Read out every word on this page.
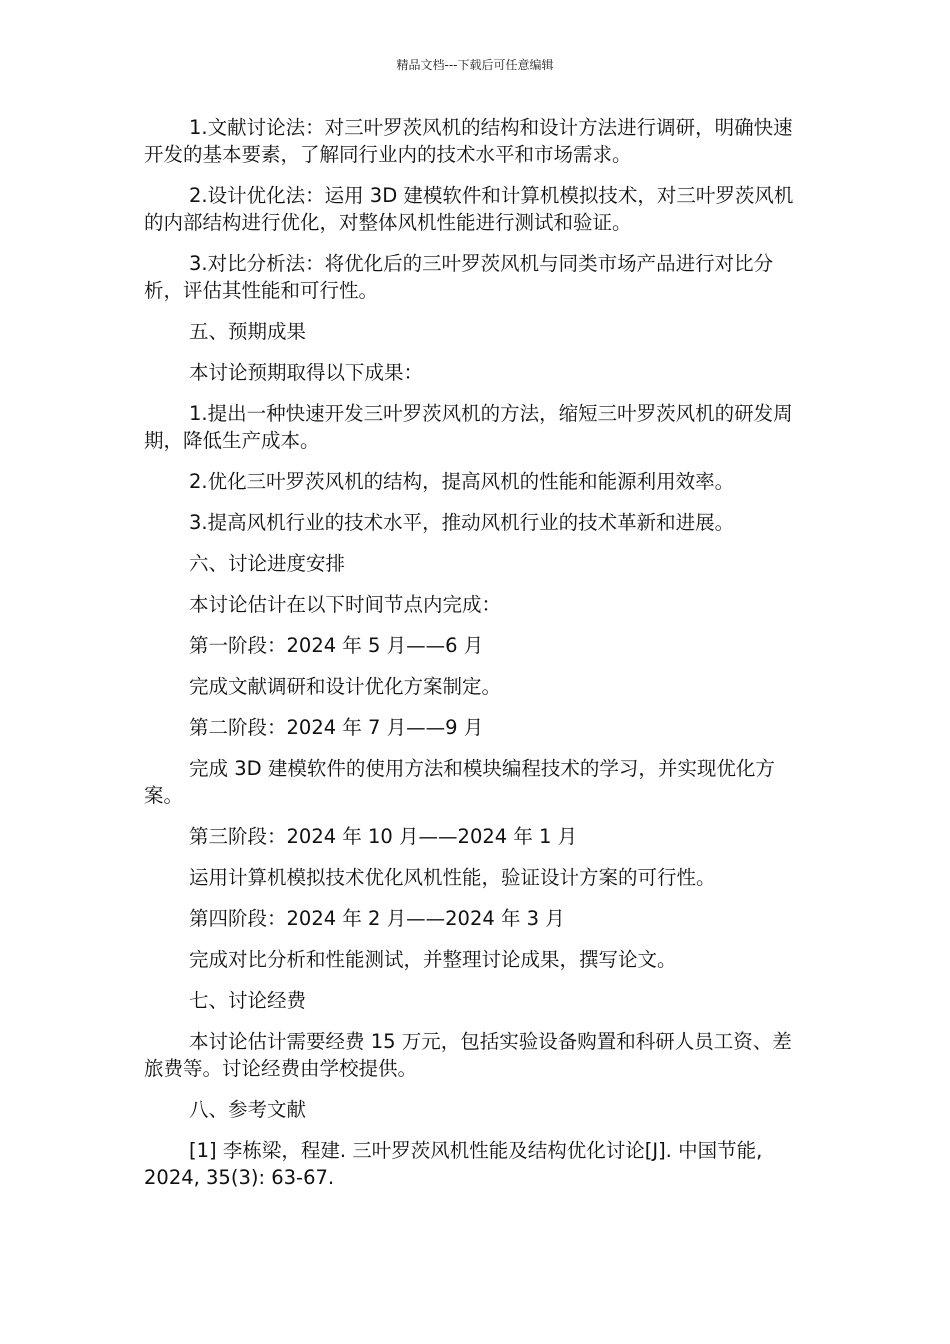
精品文档---下载后可任意编辑

1.文献讨论法：对三叶罗茨风机的结构和设计方法进行调研，明确快速开发的基本要素，了解同行业内的技术水平和市场需求。

2.设计优化法：运用 3D 建模软件和计算机模拟技术，对三叶罗茨风机的内部结构进行优化，对整体风机性能进行测试和验证。

3.对比分析法：将优化后的三叶罗茨风机与同类市场产品进行对比分析，评估其性能和可行性。

五、预期成果

本讨论预期取得以下成果：

1.提出一种快速开发三叶罗茨风机的方法，缩短三叶罗茨风机的研发周期，降低生产成本。

2.优化三叶罗茨风机的结构，提高风机的性能和能源利用效率。

3.提高风机行业的技术水平，推动风机行业的技术革新和进展。

六、讨论进度安排

本讨论估计在以下时间节点内完成：

第一阶段：2024 年 5 月——6 月

完成文献调研和设计优化方案制定。

第二阶段：2024 年 7 月——9 月

完成 3D 建模软件的使用方法和模块编程技术的学习，并实现优化方案。

第三阶段：2024 年 10 月——2024 年 1 月

运用计算机模拟技术优化风机性能，验证设计方案的可行性。

第四阶段：2024 年 2 月——2024 年 3 月

完成对比分析和性能测试，并整理讨论成果，撰写论文。

七、讨论经费

本讨论估计需要经费 15 万元，包括实验设备购置和科研人员工资、差旅费等。讨论经费由学校提供。

八、参考文献

[1] 李栋梁，程建. 三叶罗茨风机性能及结构优化讨论[J]. 中国节能, 2024, 35(3): 63-67.
